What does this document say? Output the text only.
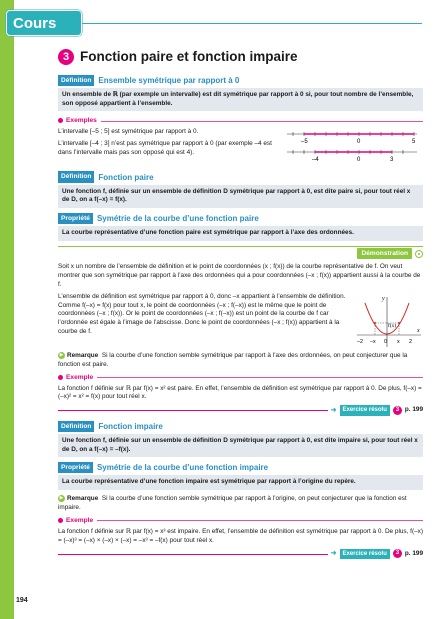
Cours
3 Fonction paire et fonction impaire
Définition Ensemble symétrique par rapport à 0
Un ensemble de ℝ (par exemple un intervalle) est dit symétrique par rapport à 0 si, pour tout nombre de l’ensemble, son opposé appartient à l’ensemble.
Exemples

L’intervalle [–5 ; 5] est symétrique par rapport à 0.

L’intervalle [–4 ; 3] n’est pas symétrique par rapport à 0 (par exemple –4 est dans l’intervalle mais pas son opposé qui est 4).

–5	0	5
–4	0	3
Définition Fonction paire
Une fonction f, définie sur un ensemble de définition D symétrique par rapport à 0, est dite paire si, pour tout réel x de D, on a f(–x) = f(x).
Propriété Symétrie de la courbe d’une fonction paire
La courbe représentative d’une fonction paire est symétrique par rapport à l’axe des ordonnées.
Démonstration

Soit x un nombre de l’ensemble de définition et le point de coordonnées (x ; f(x)) de la courbe représentative de f. On veut montrer que son symétrique par rapport à l’axe des ordonnées qui a pour coordonnées (–x ; f(x)) appartient aussi à la courbe de f.

L’ensemble de définition est symétrique par rapport à 0, donc –x appartient à l’ensemble de définition. Comme f(–x) = f(x) pour tout x, le point de coordonnées (–x ; f(–x)) est le même que le point de coordonnées (–x ; f(x)). Or le point de coordonnées (–x ; f(–x)) est un point de la courbe de f car l’ordonnée est égale à l’image de l’abscisse. Donc le point de coordonnées (–x ; f(x)) appartient à la courbe de f.

y
x
f(x)
–2 –x 0 x 2

▶ Remarque Si la courbe d’une fonction semble symétrique par rapport à l’axe des ordonnées, on peut conjecturer que la fonction est paire.

Exemple

La fonction f définie sur ℝ par f(x) = x² est paire. En effet, l’ensemble de définition est symétrique par rapport à 0. De plus, f(–x) = (–x)² = x² = f(x) pour tout réel x.

➜	Exercice résolu	3 p. 199
Définition Fonction impaire
Une fonction f, définie sur un ensemble de définition D symétrique par rapport à 0, est dite impaire si, pour tout réel x de D, on a f(–x) = –f(x).
Propriété Symétrie de la courbe d’une fonction impaire
La courbe représentative d’une fonction impaire est symétrique par rapport à l’origine du repère.

▶ Remarque Si la courbe d’une fonction semble symétrique par rapport à l’origine, on peut conjecturer que la fonction est impaire.

Exemple

La fonction f définie sur ℝ par f(x) = x³ est impaire. En effet, l’ensemble de définition est symétrique par rapport à 0. De plus, f(–x) = (–x)³ = (–x) × (–x) × (–x) = –x³ = –f(x) pour tout réel x.

➜	Exercice résolu	3 p. 199
194
